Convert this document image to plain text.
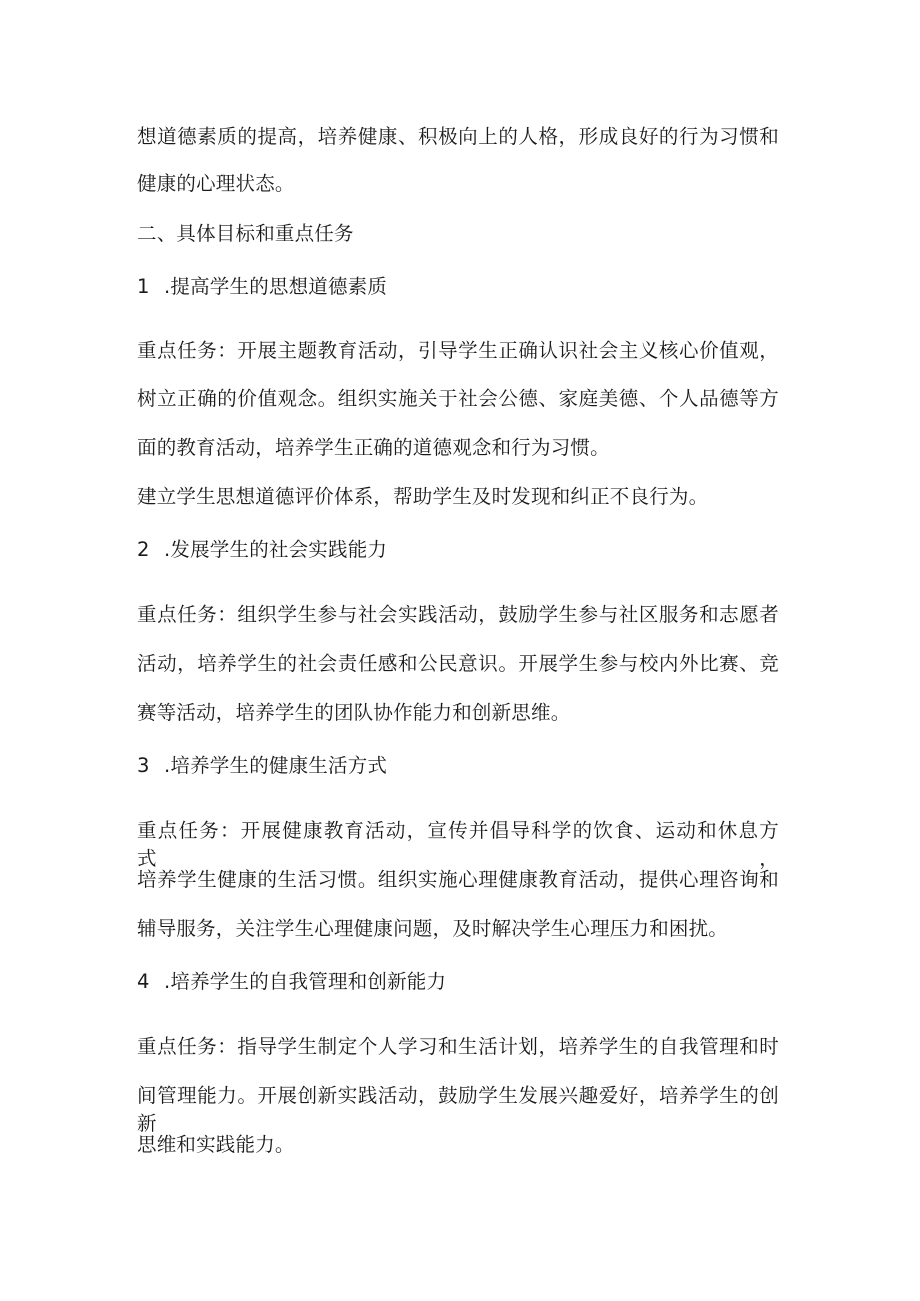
想道德素质的提高，培养健康、积极向上的人格，形成良好的行为习惯和
健康的心理状态。
二、具体目标和重点任务
1 .提高学生的思想道德素质
重点任务：开展主题教育活动，引导学生正确认识社会主义核心价值观，
树立正确的价值观念。组织实施关于社会公德、家庭美德、个人品德等方
面的教育活动，培养学生正确的道德观念和行为习惯。
建立学生思想道德评价体系，帮助学生及时发现和纠正不良行为。
2 .发展学生的社会实践能力
重点任务：组织学生参与社会实践活动，鼓励学生参与社区服务和志愿者
活动，培养学生的社会责任感和公民意识。开展学生参与校内外比赛、竞
赛等活动，培养学生的团队协作能力和创新思维。
3 .培养学生的健康生活方式
重点任务：开展健康教育活动，宣传并倡导科学的饮食、运动和休息方式，
培养学生健康的生活习惯。组织实施心理健康教育活动，提供心理咨询和
辅导服务，关注学生心理健康问题，及时解决学生心理压力和困扰。
4 .培养学生的自我管理和创新能力
重点任务：指导学生制定个人学习和生活计划，培养学生的自我管理和时
间管理能力。开展创新实践活动，鼓励学生发展兴趣爱好，培养学生的创新
思维和实践能力。
